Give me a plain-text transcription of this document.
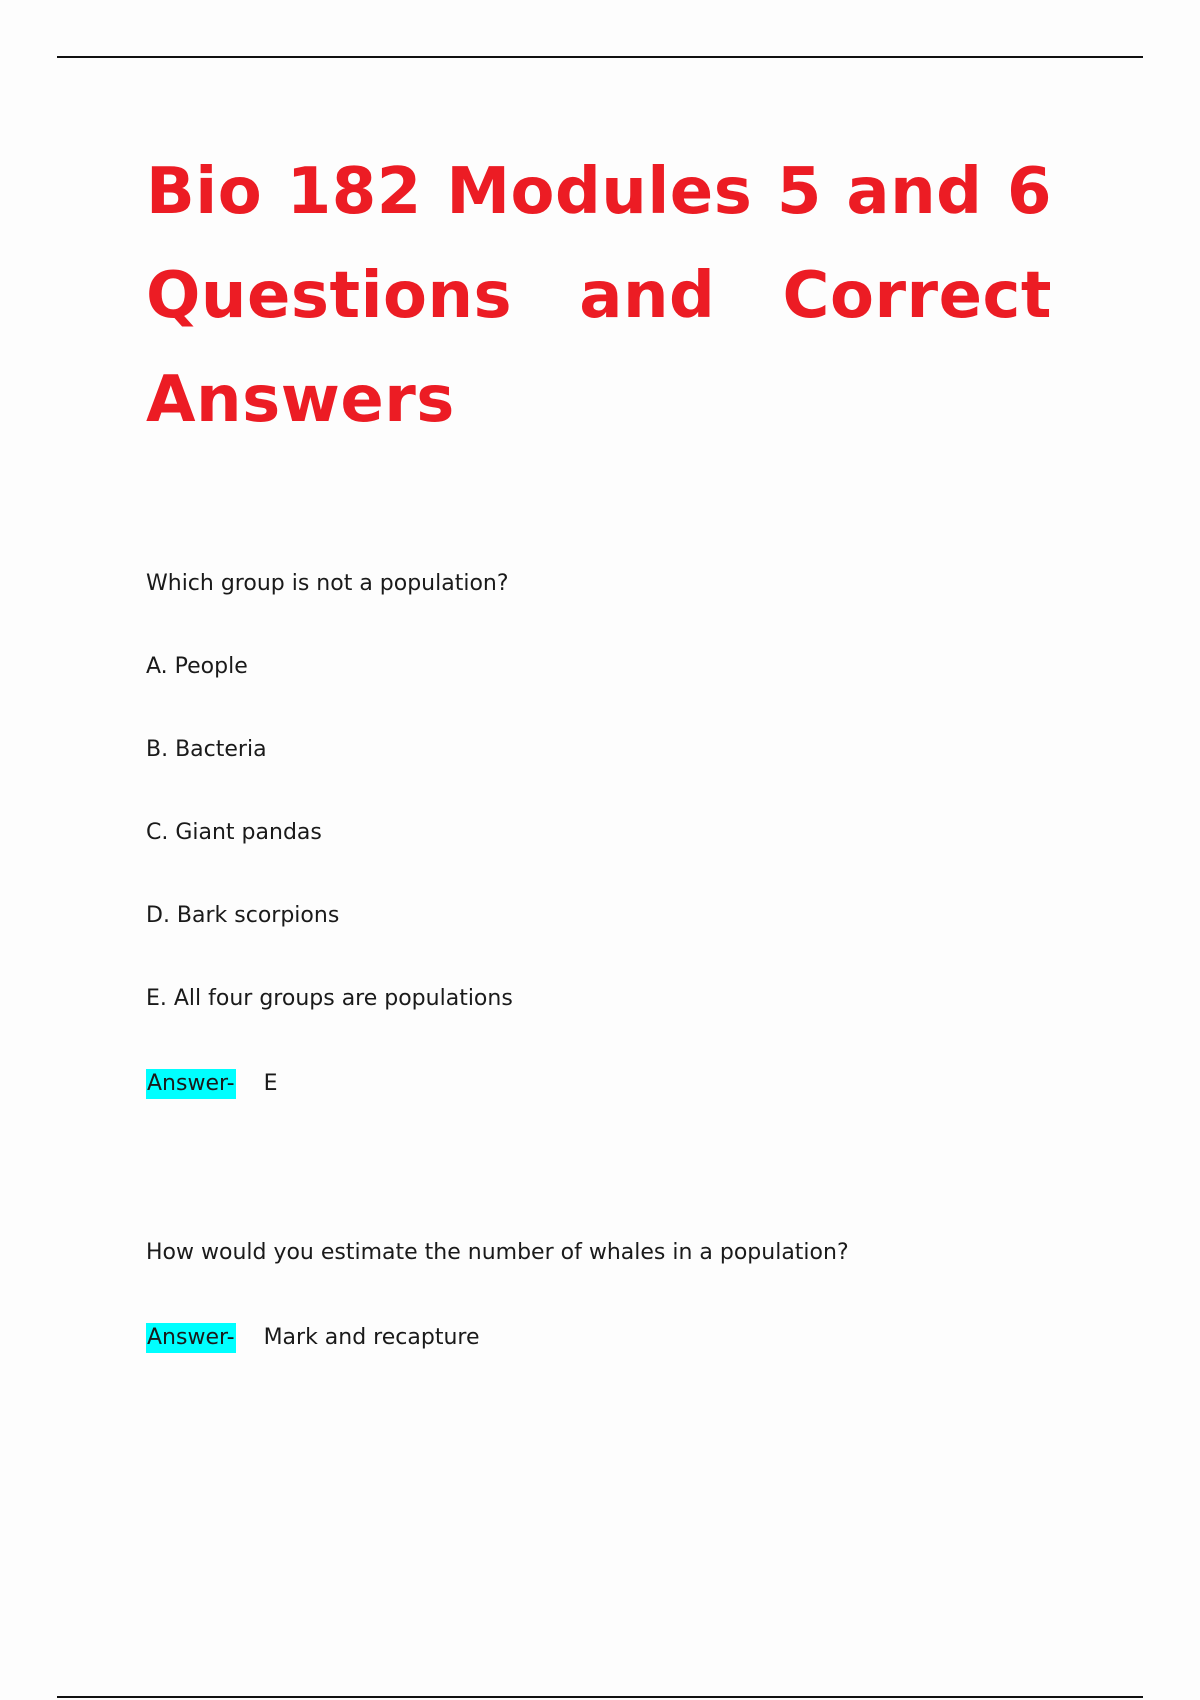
Bio 182 Modules 5 and 6 Questions and Correct Answers
Which group is not a population?
A. People
B. Bacteria
C. Giant pandas
D. Bark scorpions
E. All four groups are populations
Answer- E
How would you estimate the number of whales in a population?
Answer- Mark and recapture
